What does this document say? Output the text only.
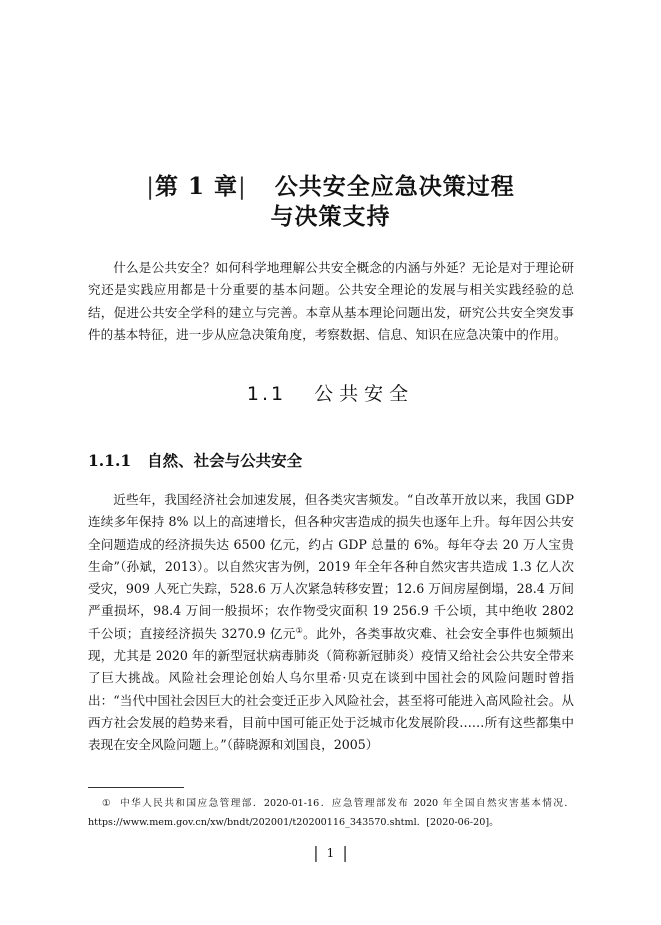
|第 1 章| 公共安全应急决策过程
与决策支持

什么是公共安全？如何科学地理解公共安全概念的内涵与外延？无论是对于理论研究还是实践应用都是十分重要的基本问题。公共安全理论的发展与相关实践经验的总结，促进公共安全学科的建立与完善。本章从基本理论问题出发，研究公共安全突发事件的基本特征，进一步从应急决策角度，考察数据、信息、知识在应急决策中的作用。

1.1 公共安全
1.1.1 自然、社会与公共安全

近些年，我国经济社会加速发展，但各类灾害频发。“自改革开放以来，我国 GDP 连续多年保持 8% 以上的高速增长，但各种灾害造成的损失也逐年上升。每年因公共安全问题造成的经济损失达 6500 亿元，约占 GDP 总量的 6%。每年夺去 20 万人宝贵生命”（孙斌，2013）。以自然灾害为例，2019 年全年各种自然灾害共造成 1.3 亿人次受灾，909 人死亡失踪，528.6 万人次紧急转移安置；12.6 万间房屋倒塌，28.4 万间严重损坏，98.4 万间一般损坏；农作物受灾面积 19 256.9 千公顷，其中绝收 2802 千公顷；直接经济损失 3270.9 亿元①。此外，各类事故灾难、社会安全事件也频频出现，尤其是 2020 年的新型冠状病毒肺炎（简称新冠肺炎）疫情又给社会公共安全带来了巨大挑战。风险社会理论创始人乌尔里希·贝克在谈到中国社会的风险问题时曾指出：“当代中国社会因巨大的社会变迁正步入风险社会，甚至将可能进入高风险社会。从西方社会发展的趋势来看，目前中国可能正处于泛城市化发展阶段……所有这些都集中表现在安全风险问题上。”（薛晓源和刘国良，2005）

① 中华人民共和国应急管理部．2020-01-16．应急管理部发布 2020 年全国自然灾害基本情况．https://www.mem.gov.cn/xw/bndt/202001/t20200116_343570.shtml．[2020-06-20]。

| 1 |
